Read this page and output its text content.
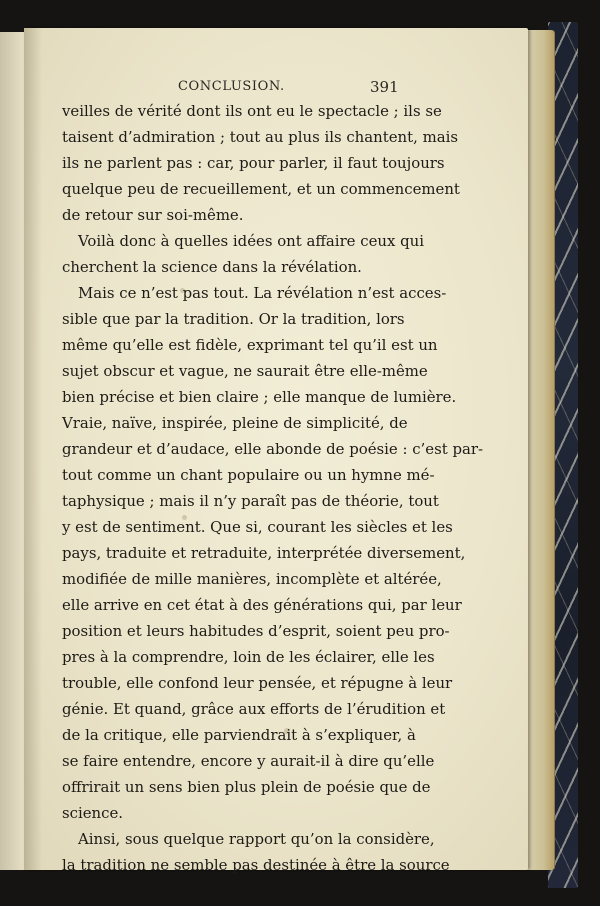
CONCLUSION.	391
veilles de vérité dont ils ont eu le spectacle ; ils se
taisent d’admiration ; tout au plus ils chantent, mais
ils ne parlent pas : car, pour parler, il faut toujours
quelque peu de recueillement, et un commencement
de retour sur soi-même.
Voilà donc à quelles idées ont affaire ceux qui
cherchent la science dans la révélation.
Mais ce n’est pas tout. La révélation n’est acces-
sible que par la tradition. Or la tradition, lors
même qu’elle est fidèle, exprimant tel qu’il est un
sujet obscur et vague, ne saurait être elle-même
bien précise et bien claire ; elle manque de lumière.
Vraie, naïve, inspirée, pleine de simplicité, de
grandeur et d’audace, elle abonde de poésie : c’est par-
tout comme un chant populaire ou un hymne mé-
taphysique ; mais il n’y paraît pas de théorie, tout
y est de sentiment. Que si, courant les siècles et les
pays, traduite et retraduite, interprétée diversement,
modifiée de mille manières, incomplète et altérée,
elle arrive en cet état à des générations qui, par leur
position et leurs habitudes d’esprit, soient peu pro-
pres à la comprendre, loin de les éclairer, elle les
trouble, elle confond leur pensée, et répugne à leur
génie. Et quand, grâce aux efforts de l’érudition et
de la critique, elle parviendrait à s’expliquer, à
se faire entendre, encore y aurait-il à dire qu’elle
offrirait un sens bien plus plein de poésie que de
science.
Ainsi, sous quelque rapport qu’on la considère,
la tradition ne semble pas destinée à être la source
